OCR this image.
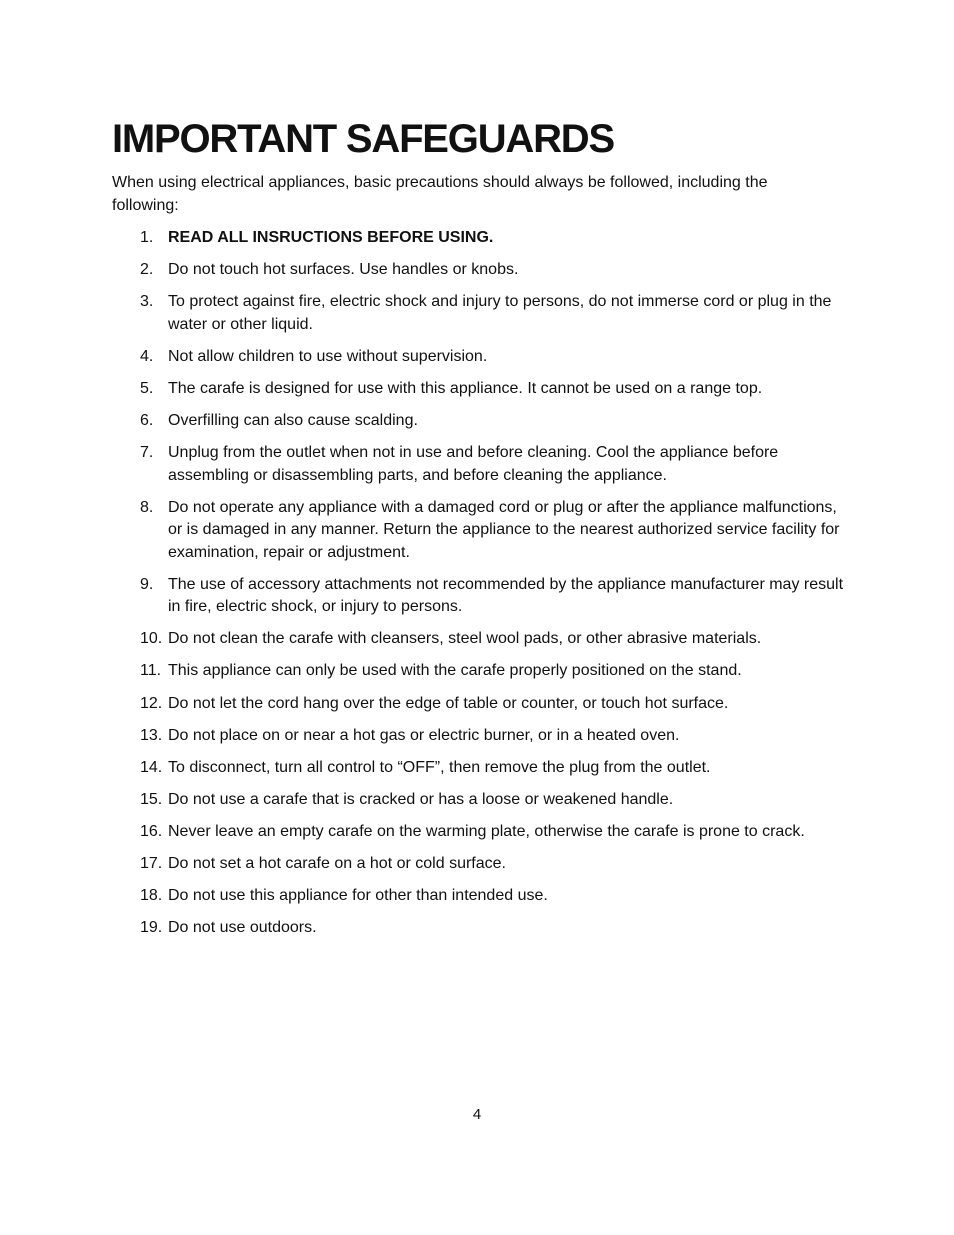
IMPORTANT SAFEGUARDS

When using electrical appliances, basic precautions should always be followed, including the following:

1. READ ALL INSRUCTIONS BEFORE USING.
2. Do not touch hot surfaces. Use handles or knobs.
3. To protect against fire, electric shock and injury to persons, do not immerse cord or plug in the water or other liquid.
4. Not allow children to use without supervision.
5. The carafe is designed for use with this appliance. It cannot be used on a range top.
6. Overfilling can also cause scalding.
7. Unplug from the outlet when not in use and before cleaning. Cool the appliance before assembling or disassembling parts, and before cleaning the appliance.
8. Do not operate any appliance with a damaged cord or plug or after the appliance malfunctions, or is damaged in any manner. Return the appliance to the nearest authorized service facility for examination, repair or adjustment.
9. The use of accessory attachments not recommended by the appliance manufacturer may result in fire, electric shock, or injury to persons.
10. Do not clean the carafe with cleansers, steel wool pads, or other abrasive materials.
11. This appliance can only be used with the carafe properly positioned on the stand.
12. Do not let the cord hang over the edge of table or counter, or touch hot surface.
13. Do not place on or near a hot gas or electric burner, or in a heated oven.
14. To disconnect, turn all control to “OFF”, then remove the plug from the outlet.
15. Do not use a carafe that is cracked or has a loose or weakened handle.
16. Never leave an empty carafe on the warming plate, otherwise the carafe is prone to crack.
17. Do not set a hot carafe on a hot or cold surface.
18. Do not use this appliance for other than intended use.
19. Do not use outdoors.
4
